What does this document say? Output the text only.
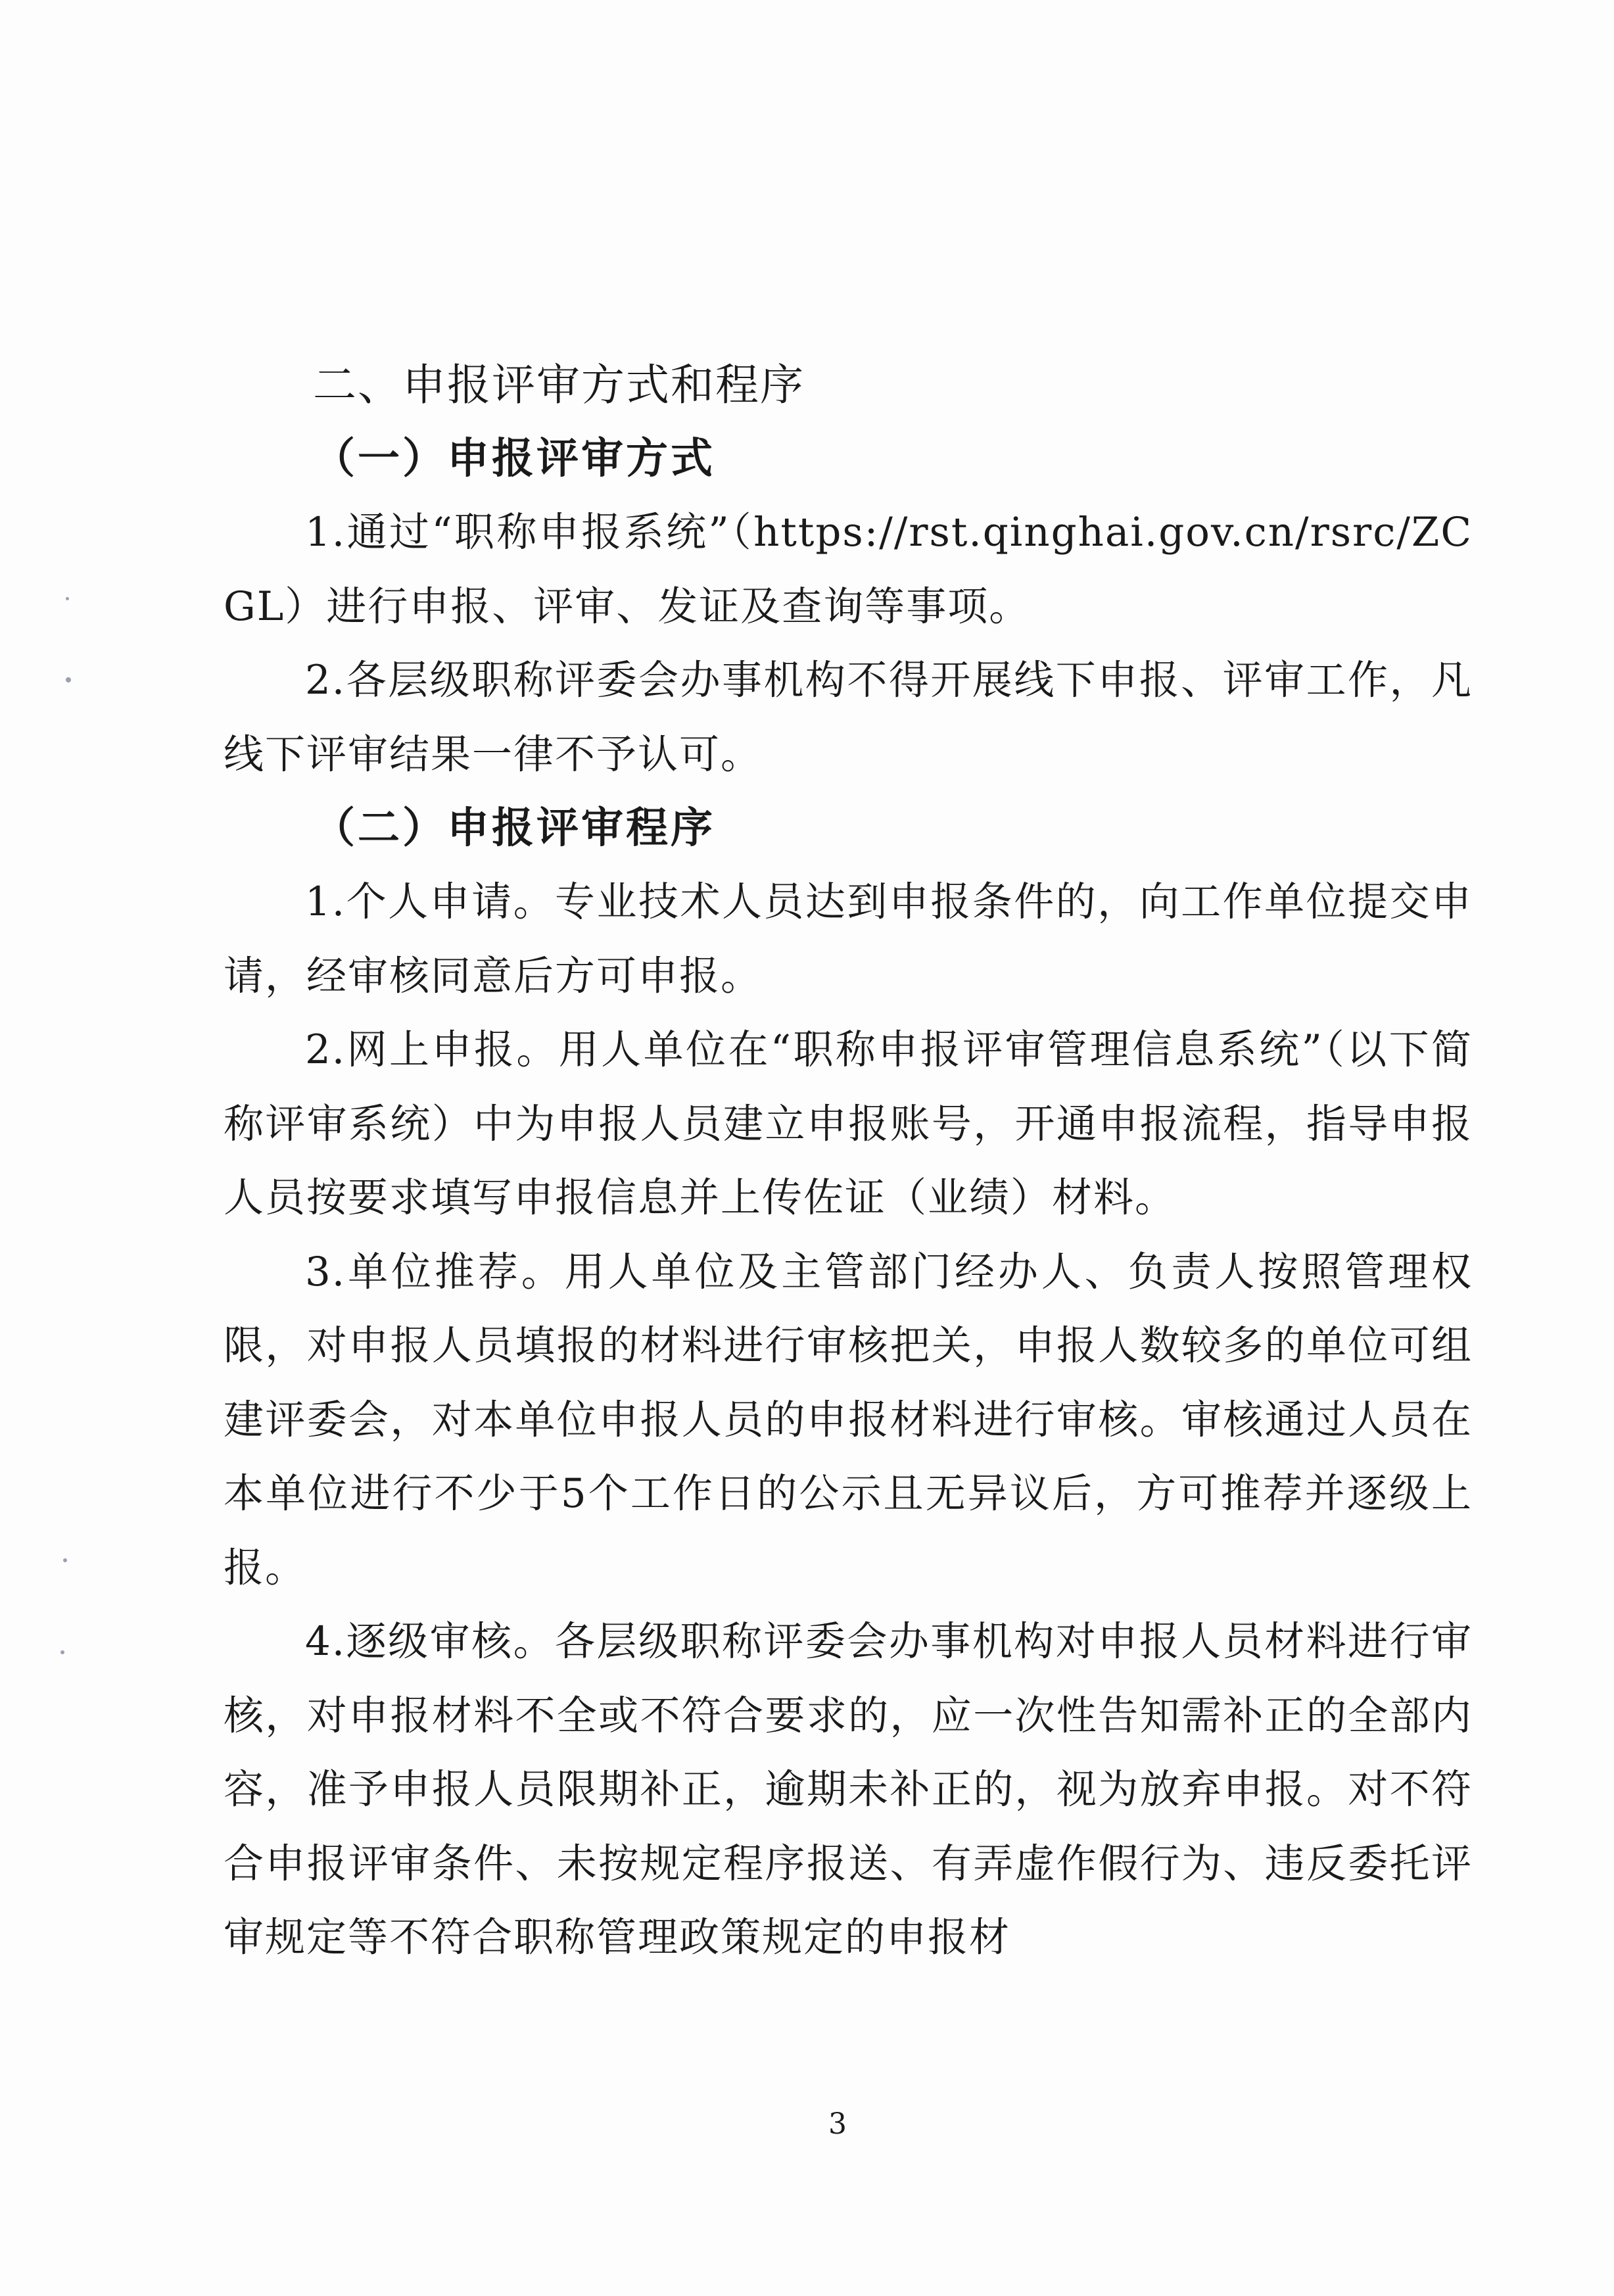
二、申报评审方式和程序
（一）申报评审方式

1.通过“职称申报系统”（https://rst.qinghai.gov.cn/rsrc/ZCGL）进行申报、评审、发证及查询等事项。

2.各层级职称评委会办事机构不得开展线下申报、评审工作，凡线下评审结果一律不予认可。

（二）申报评审程序

1.个人申请。专业技术人员达到申报条件的，向工作单位提交申请，经审核同意后方可申报。

2.网上申报。用人单位在“职称申报评审管理信息系统”（以下简称评审系统）中为申报人员建立申报账号，开通申报流程，指导申报人员按要求填写申报信息并上传佐证（业绩）材料。

3.单位推荐。用人单位及主管部门经办人、负责人按照管理权限，对申报人员填报的材料进行审核把关，申报人数较多的单位可组建评委会，对本单位申报人员的申报材料进行审核。审核通过人员在本单位进行不少于5个工作日的公示且无异议后，方可推荐并逐级上报。

4.逐级审核。各层级职称评委会办事机构对申报人员材料进行审核，对申报材料不全或不符合要求的，应一次性告知需补正的全部内容，准予申报人员限期补正，逾期未补正的，视为放弃申报。对不符合申报评审条件、未按规定程序报送、有弄虚作假行为、违反委托评审规定等不符合职称管理政策规定的申报材

3
